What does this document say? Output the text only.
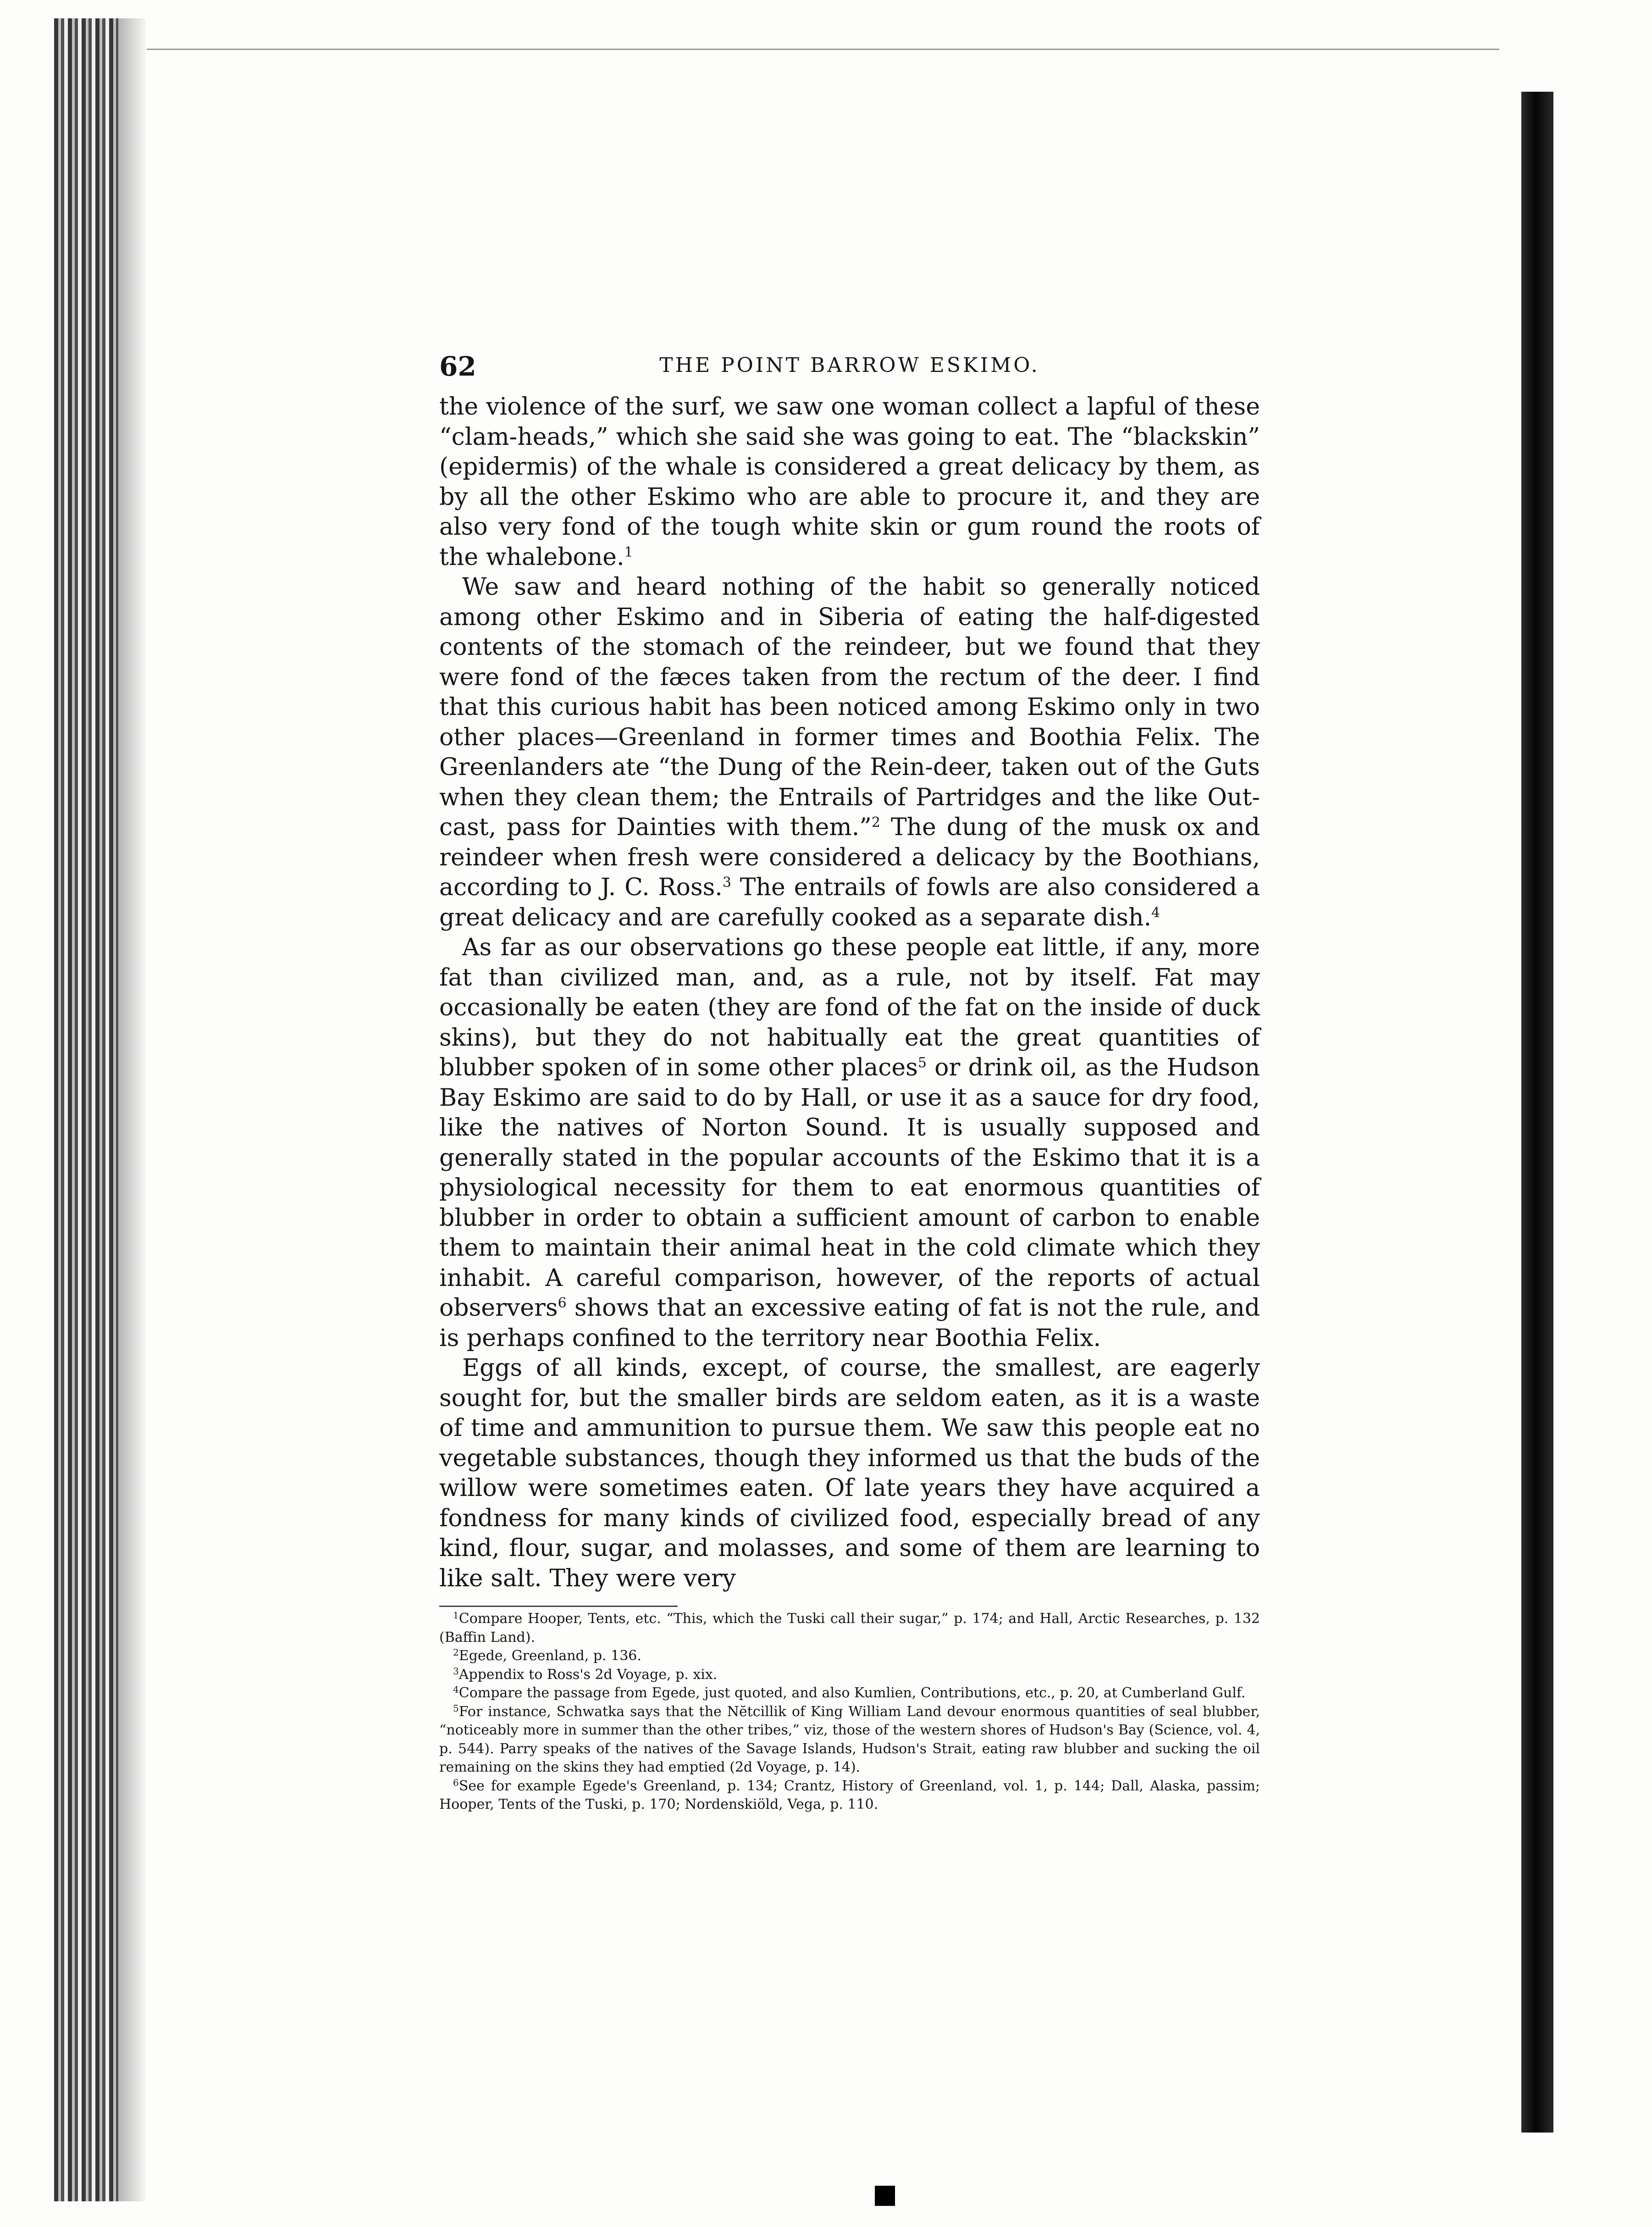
62	THE POINT BARROW ESKIMO.

the violence of the surf, we saw one woman collect a lapful of these “clam-heads,” which she said she was going to eat. The “blackskin” (epidermis) of the whale is considered a great delicacy by them, as by all the other Eskimo who are able to procure it, and they are also very fond of the tough white skin or gum round the roots of the whalebone.$^1$

We saw and heard nothing of the habit so generally noticed among other Eskimo and in Siberia of eating the half-digested contents of the stomach of the reindeer, but we found that they were fond of the fæces taken from the rectum of the deer. I find that this curious habit has been noticed among Eskimo only in two other places—Greenland in former times and Boothia Felix. The Greenlanders ate “the Dung of the Rein-deer, taken out of the Guts when they clean them; the Entrails of Partridges and the like Out-cast, pass for Dainties with them.”$^2$ The dung of the musk ox and reindeer when fresh were considered a delicacy by the Boothians, according to J. C. Ross.$^3$ The entrails of fowls are also considered a great delicacy and are carefully cooked as a separate dish.$^4$

As far as our observations go these people eat little, if any, more fat than civilized man, and, as a rule, not by itself. Fat may occasionally be eaten (they are fond of the fat on the inside of duck skins), but they do not habitually eat the great quantities of blubber spoken of in some other places$^5$ or drink oil, as the Hudson Bay Eskimo are said to do by Hall, or use it as a sauce for dry food, like the natives of Norton Sound. It is usually supposed and generally stated in the popular accounts of the Eskimo that it is a physiological necessity for them to eat enormous quantities of blubber in order to obtain a sufficient amount of carbon to enable them to maintain their animal heat in the cold climate which they inhabit. A careful comparison, however, of the reports of actual observers$^6$ shows that an excessive eating of fat is not the rule, and is perhaps confined to the territory near Boothia Felix.

Eggs of all kinds, except, of course, the smallest, are eagerly sought for, but the smaller birds are seldom eaten, as it is a waste of time and ammunition to pursue them. We saw this people eat no vegetable substances, though they informed us that the buds of the willow were sometimes eaten. Of late years they have acquired a fondness for many kinds of civilized food, especially bread of any kind, flour, sugar, and molasses, and some of them are learning to like salt. They were very

$^1$Compare Hooper, Tents, etc. “This, which the Tuski call their sugar,” p. 174; and Hall, Arctic Researches, p. 132 (Baffin Land).

$^2$Egede, Greenland, p. 136.

$^3$Appendix to Ross's 2d Voyage, p. xix.

$^4$Compare the passage from Egede, just quoted, and also Kumlien, Contributions, etc., p. 20, at Cumberland Gulf.

$^5$For instance, Schwatka says that the Nĕtcillik of King William Land devour enormous quantities of seal blubber, “noticeably more in summer than the other tribes,” viz, those of the western shores of Hudson's Bay (Science, vol. 4, p. 544). Parry speaks of the natives of the Savage Islands, Hudson's Strait, eating raw blubber and sucking the oil remaining on the skins they had emptied (2d Voyage, p. 14).

$^6$See for example Egede's Greenland, p. 134; Crantz, History of Greenland, vol. 1, p. 144; Dall, Alaska, passim; Hooper, Tents of the Tuski, p. 170; Nordenskiöld, Vega, p. 110.
